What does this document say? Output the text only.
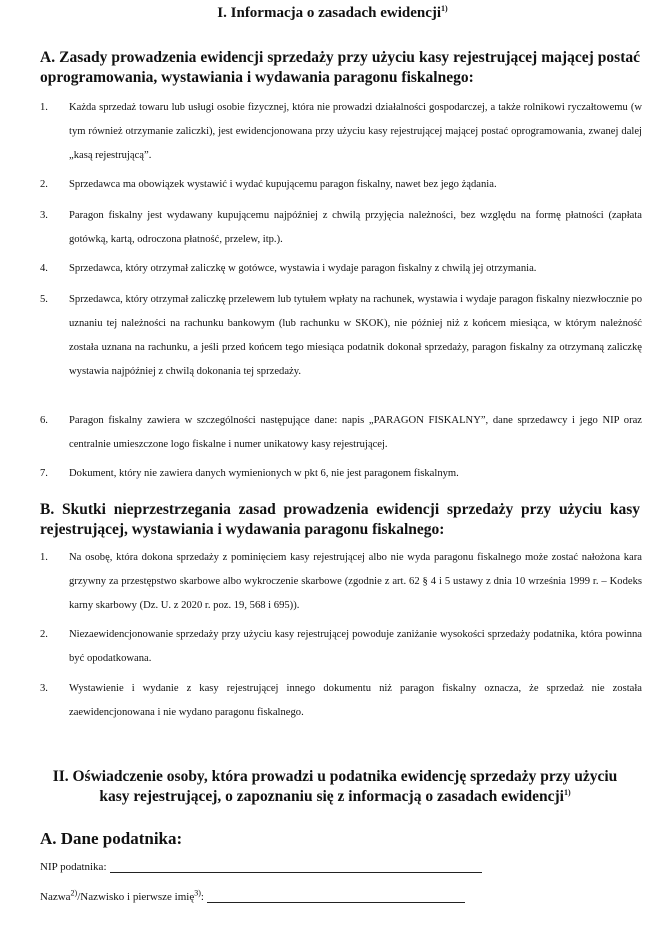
I. Informacja o zasadach ewidencji$^{1)}$
A. Zasady prowadzenia ewidencji sprzedaży przy użyciu kasy rejestrującej mającej postać oprogramowania, wystawiania i wydawania paragonu fiskalnego:
1.	Każda sprzedaż towaru lub usługi osobie fizycznej, która nie prowadzi działalności gospodarczej, a także rolnikowi ryczałtowemu (w tym również otrzymanie zaliczki), jest ewidencjonowana przy użyciu kasy rejestrującej mającej postać oprogramowania, zwanej dalej „kasą rejestrującą”.
2.	Sprzedawca ma obowiązek wystawić i wydać kupującemu paragon fiskalny, nawet bez jego żądania.
3.	Paragon fiskalny jest wydawany kupującemu najpóźniej z chwilą przyjęcia należności, bez względu na formę płatności (zapłata gotówką, kartą, odroczona płatność, przelew, itp.).
4.	Sprzedawca, który otrzymał zaliczkę w gotówce, wystawia i wydaje paragon fiskalny z chwilą jej otrzymania.
5.	Sprzedawca, który otrzymał zaliczkę przelewem lub tytułem wpłaty na rachunek, wystawia i wydaje paragon fiskalny niezwłocznie po uznaniu tej należności na rachunku bankowym (lub rachunku w SKOK), nie później niż z końcem miesiąca, w którym należność została uznana na rachunku, a jeśli przed końcem tego miesiąca podatnik dokonał sprzedaży, paragon fiskalny za otrzymaną zaliczkę wystawia najpóźniej z chwilą dokonania tej sprzedaży.
6.	Paragon fiskalny zawiera w szczególności następujące dane: napis „PARAGON FISKALNY”, dane sprzedawcy i jego NIP oraz centralnie umieszczone logo fiskalne i numer unikatowy kasy rejestrującej.
7.	Dokument, który nie zawiera danych wymienionych w pkt 6, nie jest paragonem fiskalnym.
B. Skutki nieprzestrzegania zasad prowadzenia ewidencji sprzedaży przy użyciu kasy rejestrującej, wystawiania i wydawania paragonu fiskalnego:
1.	Na osobę, która dokona sprzedaży z pominięciem kasy rejestrującej albo nie wyda paragonu fiskalnego może zostać nałożona kara grzywny za przestępstwo skarbowe albo wykroczenie skarbowe (zgodnie z art. 62 § 4 i 5 ustawy z dnia 10 września 1999 r. – Kodeks karny skarbowy (Dz. U. z 2020 r. poz. 19, 568 i 695)).
2.	Niezaewidencjonowanie sprzedaży przy użyciu kasy rejestrującej powoduje zaniżanie wysokości sprzedaży podatnika, która powinna być opodatkowana.
3.	Wystawienie i wydanie z kasy rejestrującej innego dokumentu niż paragon fiskalny oznacza, że sprzedaż nie została zaewidencjonowana i nie wydano paragonu fiskalnego.
II. Oświadczenie osoby, która prowadzi u podatnika ewidencję sprzedaży przy użyciu
kasy rejestrującej, o zapoznaniu się z informacją o zasadach ewidencji$^{1)}$
A. Dane podatnika:
NIP podatnika:
Nazwa$^{2)}$/Nazwisko i pierwsze imię$^{3)}$:
